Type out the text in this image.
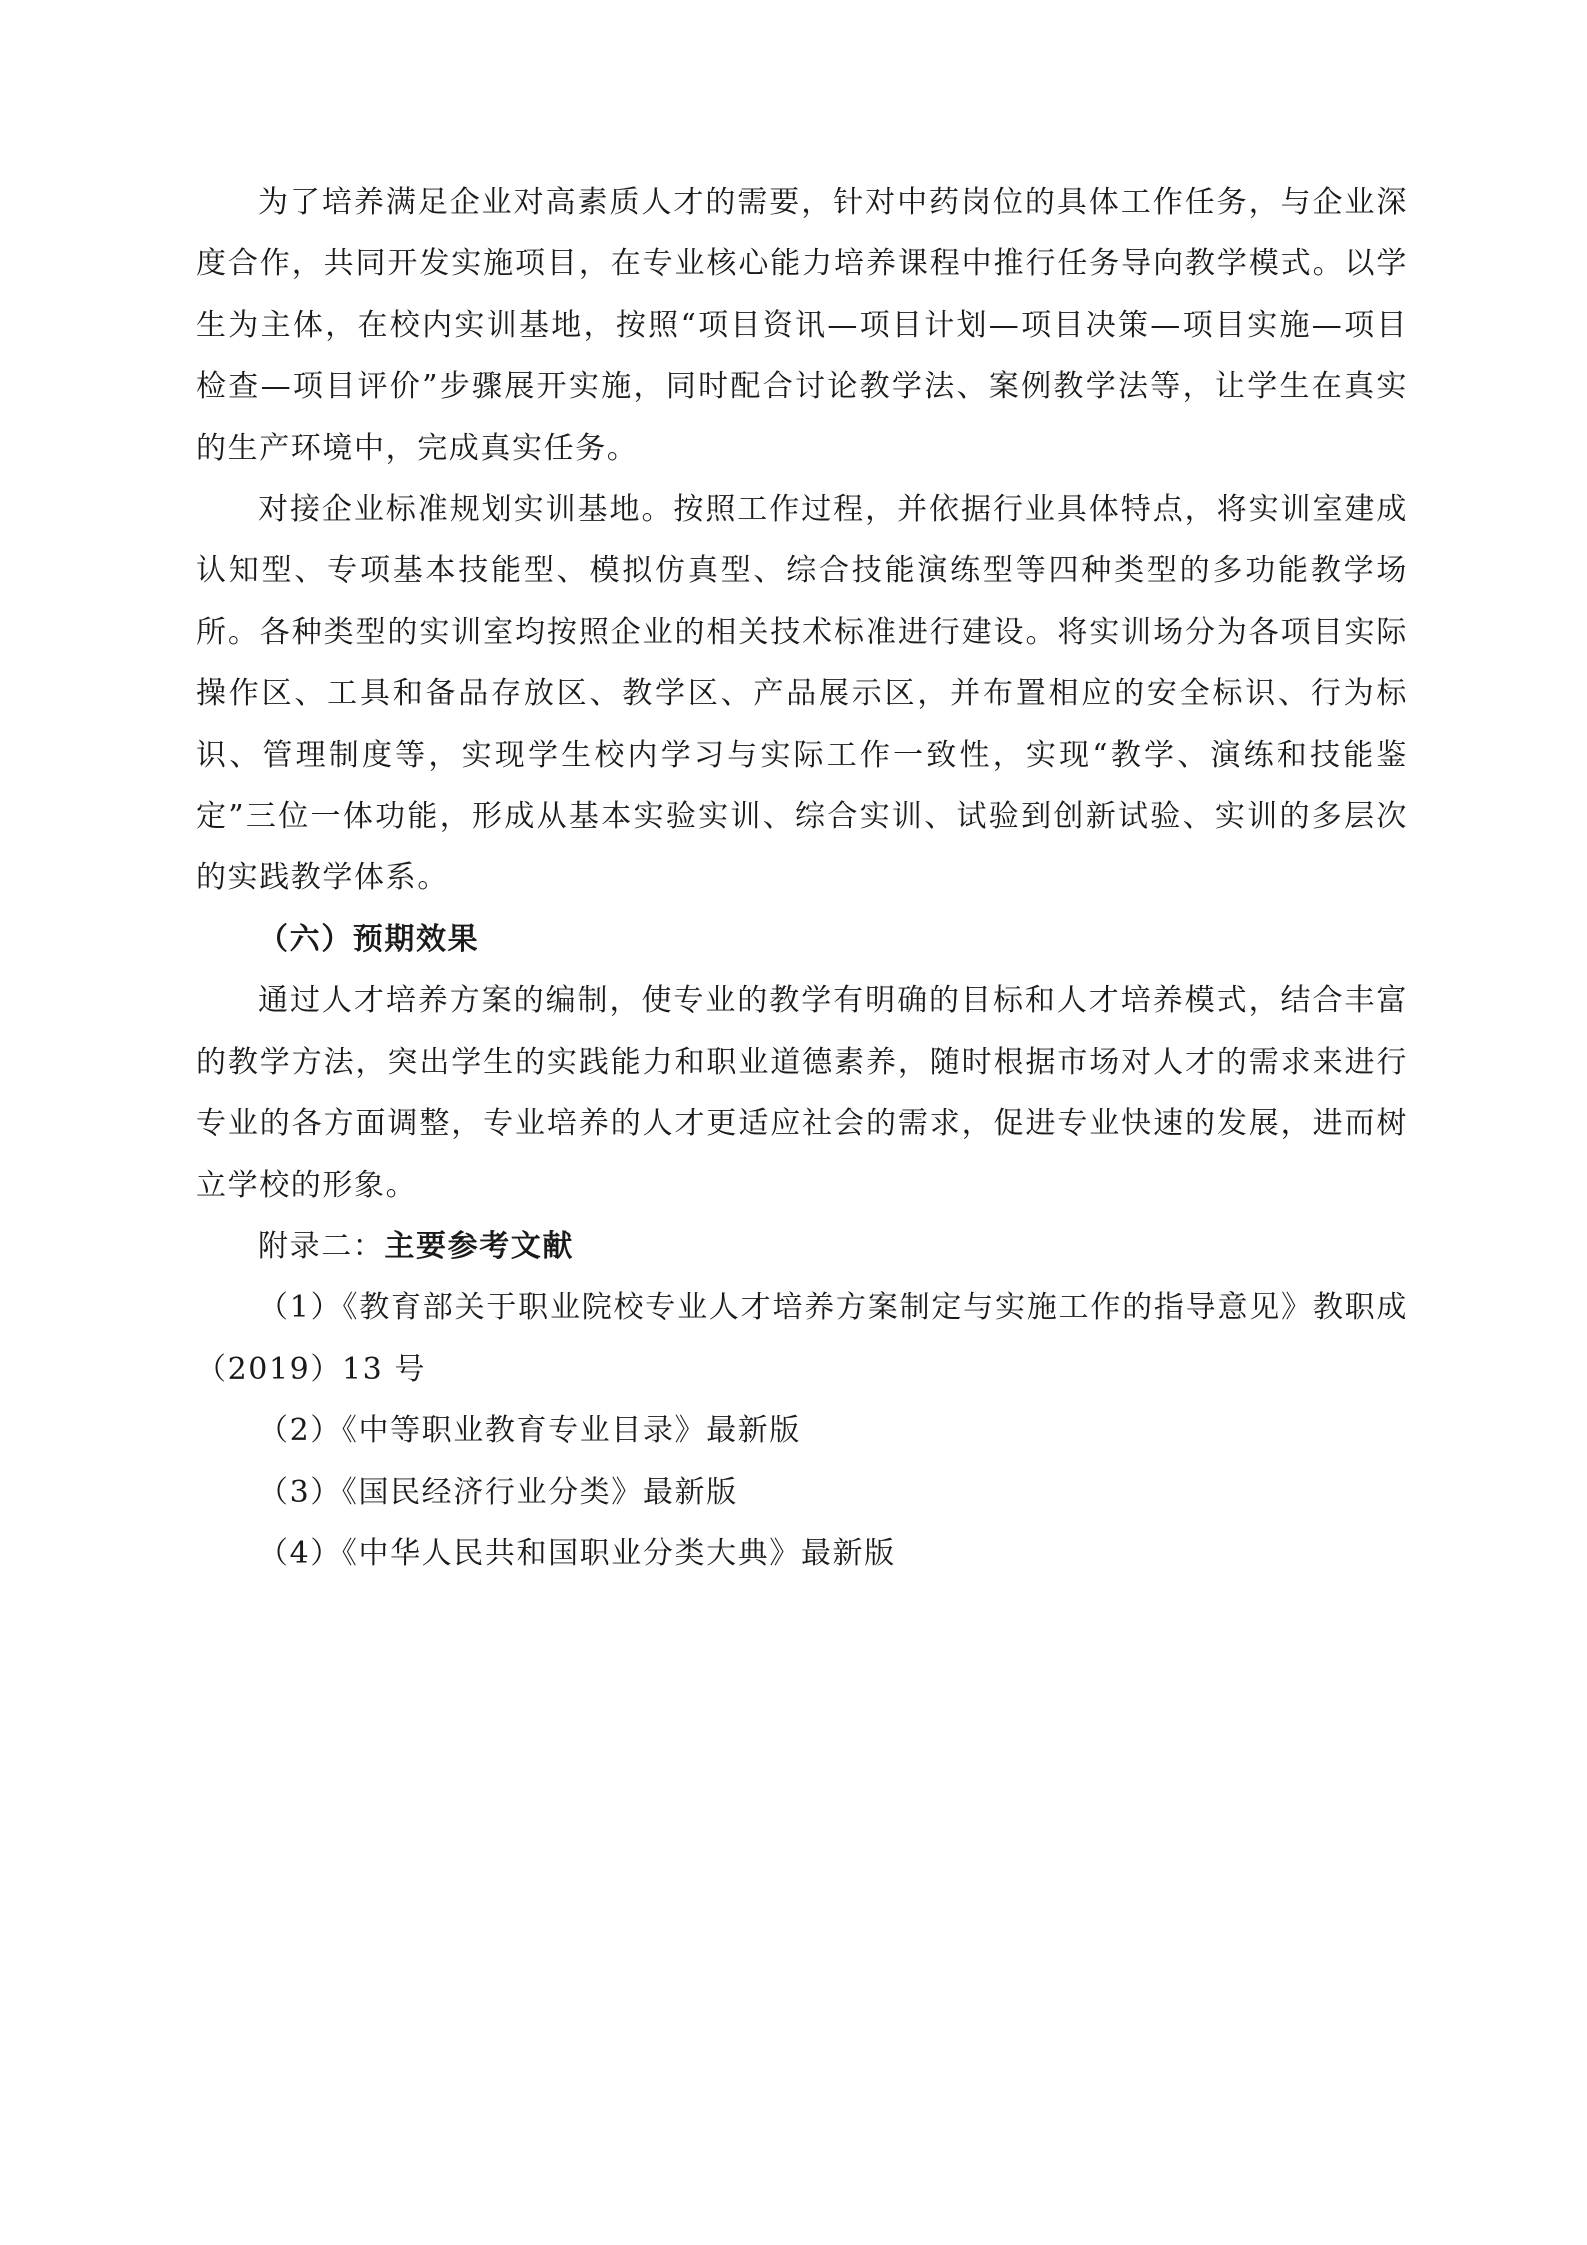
为了培养满足企业对高素质人才的需要，针对中药岗位的具体工作任务，与企业深度合作，共同开发实施项目，在专业核心能力培养课程中推行任务导向教学模式。以学生为主体，在校内实训基地，按照“项目资讯—项目计划—项目决策—项目实施—项目检查—项目评价”步骤展开实施，同时配合讨论教学法、案例教学法等，让学生在真实的生产环境中，完成真实任务。

对接企业标准规划实训基地。按照工作过程，并依据行业具体特点，将实训室建成认知型、专项基本技能型、模拟仿真型、综合技能演练型等四种类型的多功能教学场所。各种类型的实训室均按照企业的相关技术标准进行建设。将实训场分为各项目实际操作区、工具和备品存放区、教学区、产品展示区，并布置相应的安全标识、行为标识、管理制度等，实现学生校内学习与实际工作一致性，实现“教学、演练和技能鉴定”三位一体功能，形成从基本实验实训、综合实训、试验到创新试验、实训的多层次的实践教学体系。

（六）预期效果

通过人才培养方案的编制，使专业的教学有明确的目标和人才培养模式，结合丰富的教学方法，突出学生的实践能力和职业道德素养，随时根据市场对人才的需求来进行专业的各方面调整，专业培养的人才更适应社会的需求，促进专业快速的发展，进而树立学校的形象。

附录二：主要参考文献

（1）《教育部关于职业院校专业人才培养方案制定与实施工作的指导意见》教职成（2019）13 号
（2）《中等职业教育专业目录》最新版
（3）《国民经济行业分类》最新版
（4）《中华人民共和国职业分类大典》最新版
